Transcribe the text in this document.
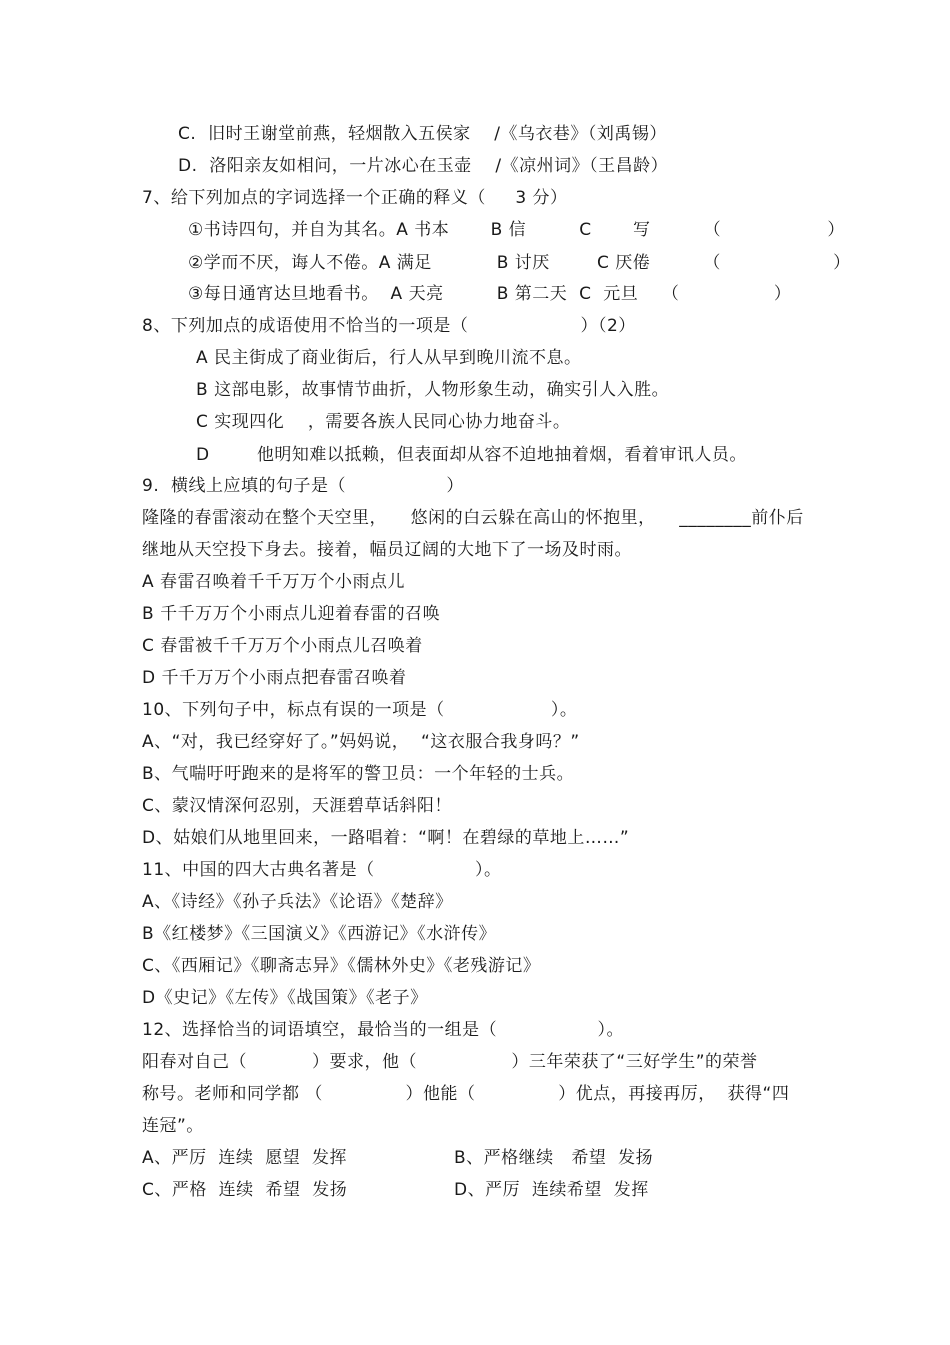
C.  旧时王谢堂前燕，轻烟散入五侯家    /《乌衣巷》（刘禹锡）
D.  洛阳亲友如相问，一片冰心在玉壶    /《凉州词》（王昌龄）
7、给下列加点的字词选择一个正确的释义（     3 分）
①书诗四句，并自为其名。A 书本       B 信         C       写         （                  ）
②学而不厌，诲人不倦。A 满足           B 讨厌        C 厌倦         （                   ）
③每日通宵达旦地看书。  A 天亮         B 第二天  C  元旦    （                ）
8、下列加点的成语使用不恰当的一项是（                   ）（2）
A 民主街成了商业街后，行人从早到晚川流不息。
B 这部电影，故事情节曲折，人物形象生动，确实引人入胜。
C 实现四化    ，需要各族人民同心协力地奋斗。
D        他明知难以抵赖，但表面却从容不迫地抽着烟，看着审讯人员。
9.  横线上应填的句子是（                 ）
隆隆的春雷滚动在整个天空里，    悠闲的白云躲在高山的怀抱里，    ________前仆后
继地从天空投下身去。接着，幅员辽阔的大地下了一场及时雨。
A 春雷召唤着千千万万个小雨点儿
B 千千万万个小雨点儿迎着春雷的召唤
C 春雷被千千万万个小雨点儿召唤着
D 千千万万个小雨点把春雷召唤着
10、下列句子中，标点有误的一项是（                  ）。
A、“对，我已经穿好了。”妈妈说，  “这衣服合我身吗？”
B、气喘吁吁跑来的是将军的警卫员：一个年轻的士兵。
C、蒙汉情深何忍别，天涯碧草话斜阳！
D、姑娘们从地里回来，一路唱着：“啊！在碧绿的草地上……”
11、中国的四大古典名著是（                 ）。
A、《诗经》《孙子兵法》《论语》《楚辞》
B《红楼梦》《三国演义》《西游记》《水浒传》
C、《西厢记》《聊斋志异》《儒林外史》《老残游记》
D《史记》《左传》《战国策》《老子》
12、选择恰当的词语填空，最恰当的一组是（                 ）。
阳春对自己（           ）要求，他（                ）三年荣获了“三好学生”的荣誉
称号。老师和同学都 （              ）他能（              ）优点，再接再厉，  获得“四
连冠”。
A、严厉  连续  愿望  发挥	B、严格继续   希望  发扬
C、严格  连续  希望  发扬	D、严厉  连续希望  发挥
